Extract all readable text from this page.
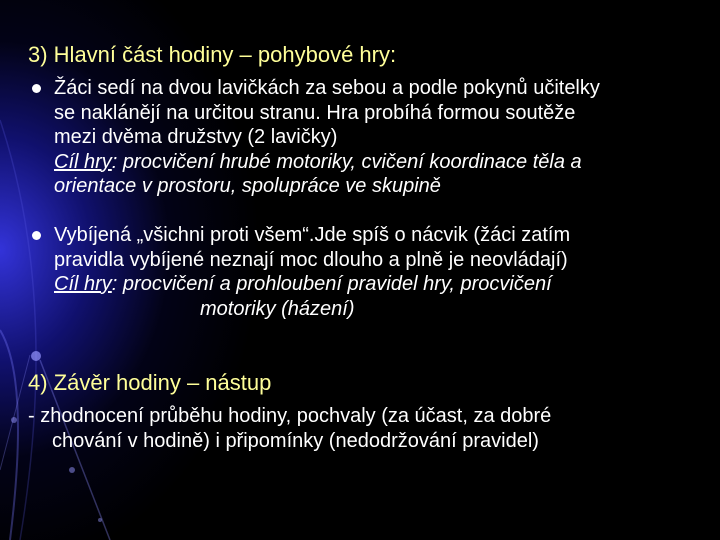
3) Hlavní část hodiny – pohybové hry:
Žáci sedí na dvou lavičkách za sebou a podle pokynů učitelky
se naklánějí na určitou stranu. Hra probíhá formou soutěže
mezi dvěma družstvy (2 lavičky)
Cíl hry: procvičení hrubé motoriky, cvičení koordinace těla a
orientace v prostoru, spolupráce ve skupině
Vybíjená „všichni proti všem“.Jde spíš o nácvik (žáci zatím
pravidla vybíjené neznají moc dlouho a plně je neovládají)
Cíl hry: procvičení a prohloubení pravidel hry, procvičení
motoriky (házení)
4) Závěr hodiny – nástup
- zhodnocení průběhu hodiny, pochvaly (za účast, za dobré
chování v hodině) i připomínky (nedodržování pravidel)
